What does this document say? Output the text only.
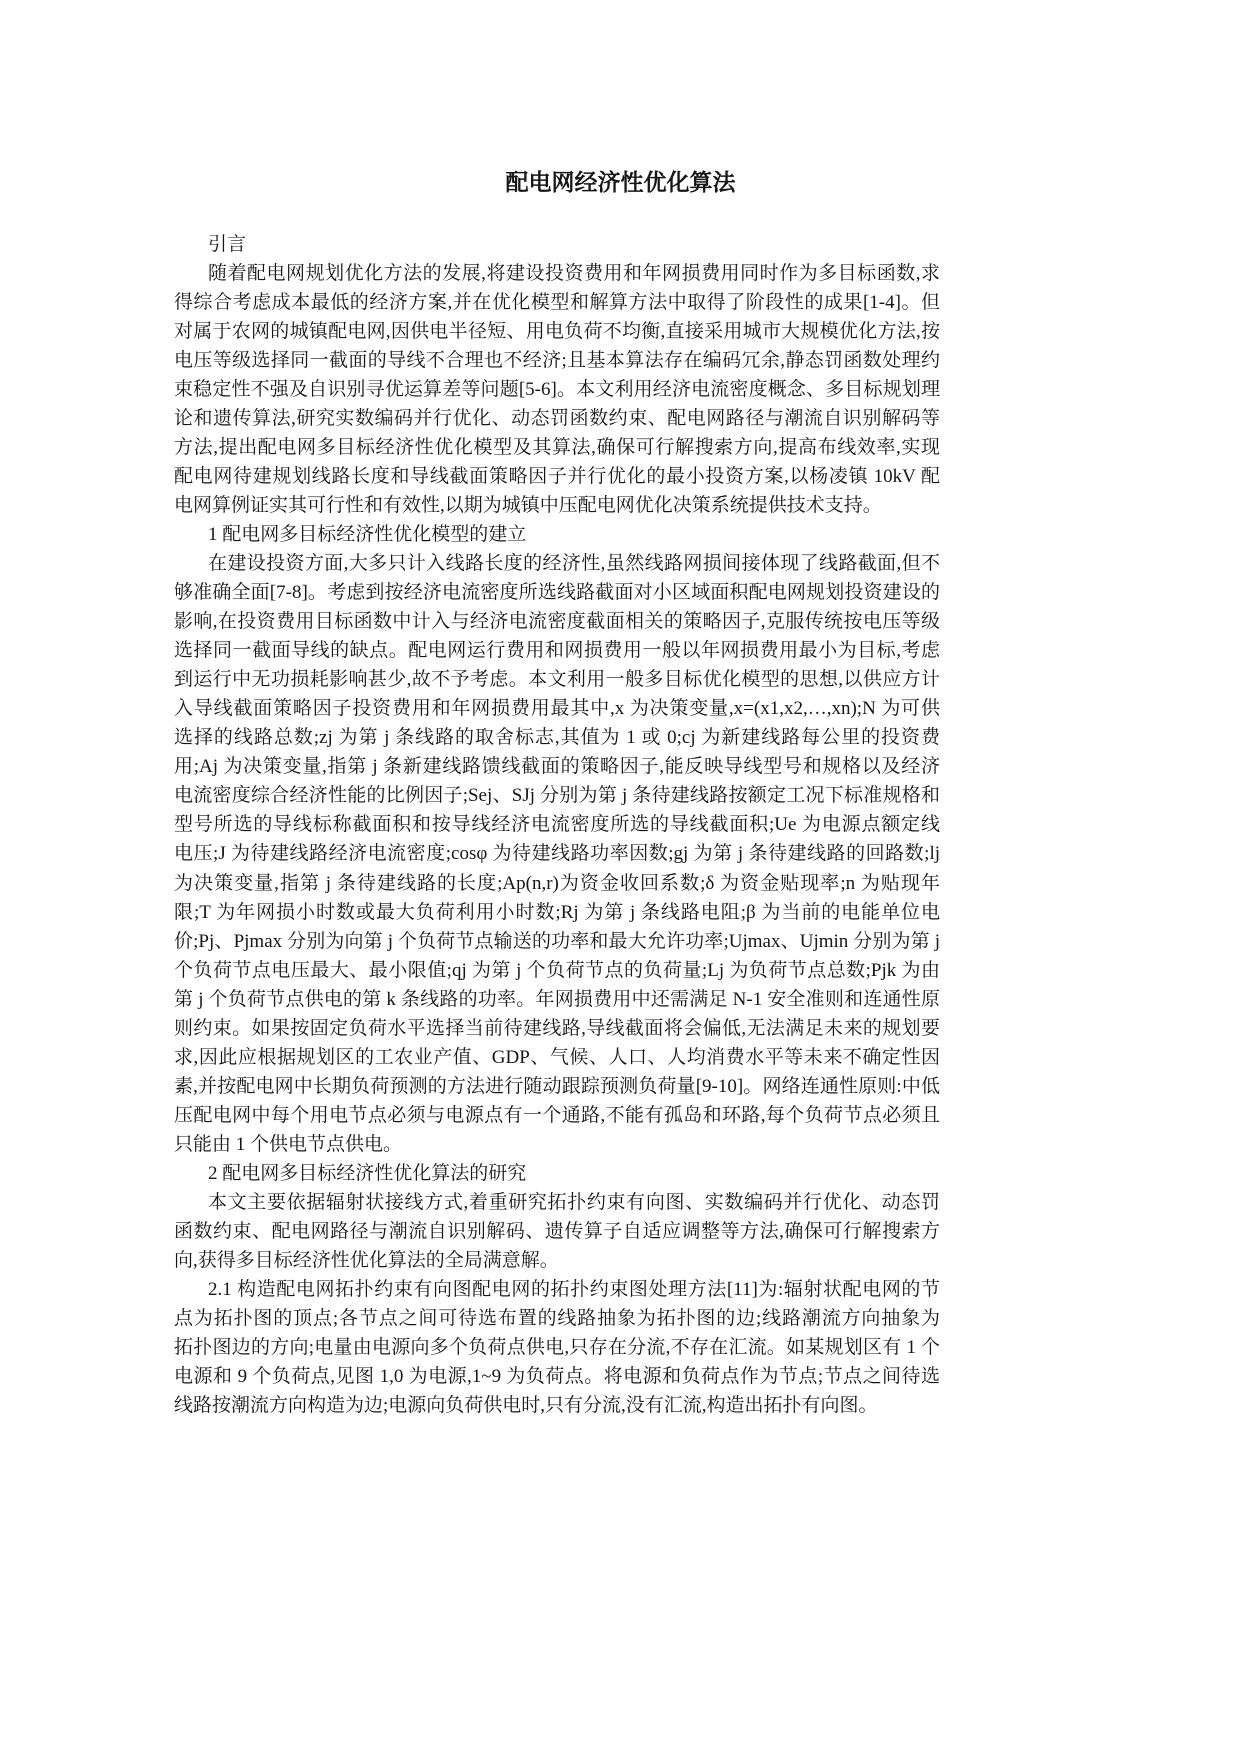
配电网经济性优化算法
引言
随着配电网规划优化方法的发展,将建设投资费用和年网损费用同时作为多目标函数,求
得综合考虑成本最低的经济方案,并在优化模型和解算方法中取得了阶段性的成果[1-4]。但
对属于农网的城镇配电网,因供电半径短、用电负荷不均衡,直接采用城市大规模优化方法,按
电压等级选择同一截面的导线不合理也不经济;且基本算法存在编码冗余,静态罚函数处理约
束稳定性不强及自识别寻优运算差等问题[5-6]。本文利用经济电流密度概念、多目标规划理
论和遗传算法,研究实数编码并行优化、动态罚函数约束、配电网路径与潮流自识别解码等
方法,提出配电网多目标经济性优化模型及其算法,确保可行解搜索方向,提高布线效率,实现
配电网待建规划线路长度和导线截面策略因子并行优化的最小投资方案,以杨凌镇 10kV 配
电网算例证实其可行性和有效性,以期为城镇中压配电网优化决策系统提供技术支持。
1 配电网多目标经济性优化模型的建立
在建设投资方面,大多只计入线路长度的经济性,虽然线路网损间接体现了线路截面,但不
够准确全面[7-8]。考虑到按经济电流密度所选线路截面对小区域面积配电网规划投资建设的
影响,在投资费用目标函数中计入与经济电流密度截面相关的策略因子,克服传统按电压等级
选择同一截面导线的缺点。配电网运行费用和网损费用一般以年网损费用最小为目标,考虑
到运行中无功损耗影响甚少,故不予考虑。本文利用一般多目标优化模型的思想,以供应方计
入导线截面策略因子投资费用和年网损费用最其中,x 为决策变量,x=(x1,x2,…,xn);N 为可供
选择的线路总数;zj 为第 j 条线路的取舍标志,其值为 1 或 0;cj 为新建线路每公里的投资费
用;Aj 为决策变量,指第 j 条新建线路馈线截面的策略因子,能反映导线型号和规格以及经济
电流密度综合经济性能的比例因子;Sej、SJj 分别为第 j 条待建线路按额定工况下标准规格和
型号所选的导线标称截面积和按导线经济电流密度所选的导线截面积;Ue 为电源点额定线
电压;J 为待建线路经济电流密度;cosφ 为待建线路功率因数;gj 为第 j 条待建线路的回路数;lj
为决策变量,指第 j 条待建线路的长度;Ap(n,r)为资金收回系数;δ 为资金贴现率;n 为贴现年
限;T 为年网损小时数或最大负荷利用小时数;Rj 为第 j 条线路电阻;β 为当前的电能单位电
价;Pj、Pjmax 分别为向第 j 个负荷节点输送的功率和最大允许功率;Ujmax、Ujmin 分别为第 j
个负荷节点电压最大、最小限值;qj 为第 j 个负荷节点的负荷量;Lj 为负荷节点总数;Pjk 为由
第 j 个负荷节点供电的第 k 条线路的功率。年网损费用中还需满足 N-1 安全准则和连通性原
则约束。如果按固定负荷水平选择当前待建线路,导线截面将会偏低,无法满足未来的规划要
求,因此应根据规划区的工农业产值、GDP、气候、人口、人均消费水平等未来不确定性因
素,并按配电网中长期负荷预测的方法进行随动跟踪预测负荷量[9-10]。网络连通性原则:中低
压配电网中每个用电节点必须与电源点有一个通路,不能有孤岛和环路,每个负荷节点必须且
只能由 1 个供电节点供电。
2 配电网多目标经济性优化算法的研究
本文主要依据辐射状接线方式,着重研究拓扑约束有向图、实数编码并行优化、动态罚
函数约束、配电网路径与潮流自识别解码、遗传算子自适应调整等方法,确保可行解搜索方
向,获得多目标经济性优化算法的全局满意解。
2.1 构造配电网拓扑约束有向图配电网的拓扑约束图处理方法[11]为:辐射状配电网的节
点为拓扑图的顶点;各节点之间可待选布置的线路抽象为拓扑图的边;线路潮流方向抽象为
拓扑图边的方向;电量由电源向多个负荷点供电,只存在分流,不存在汇流。如某规划区有 1 个
电源和 9 个负荷点,见图 1,0 为电源,1~9 为负荷点。将电源和负荷点作为节点;节点之间待选
线路按潮流方向构造为边;电源向负荷供电时,只有分流,没有汇流,构造出拓扑有向图。
